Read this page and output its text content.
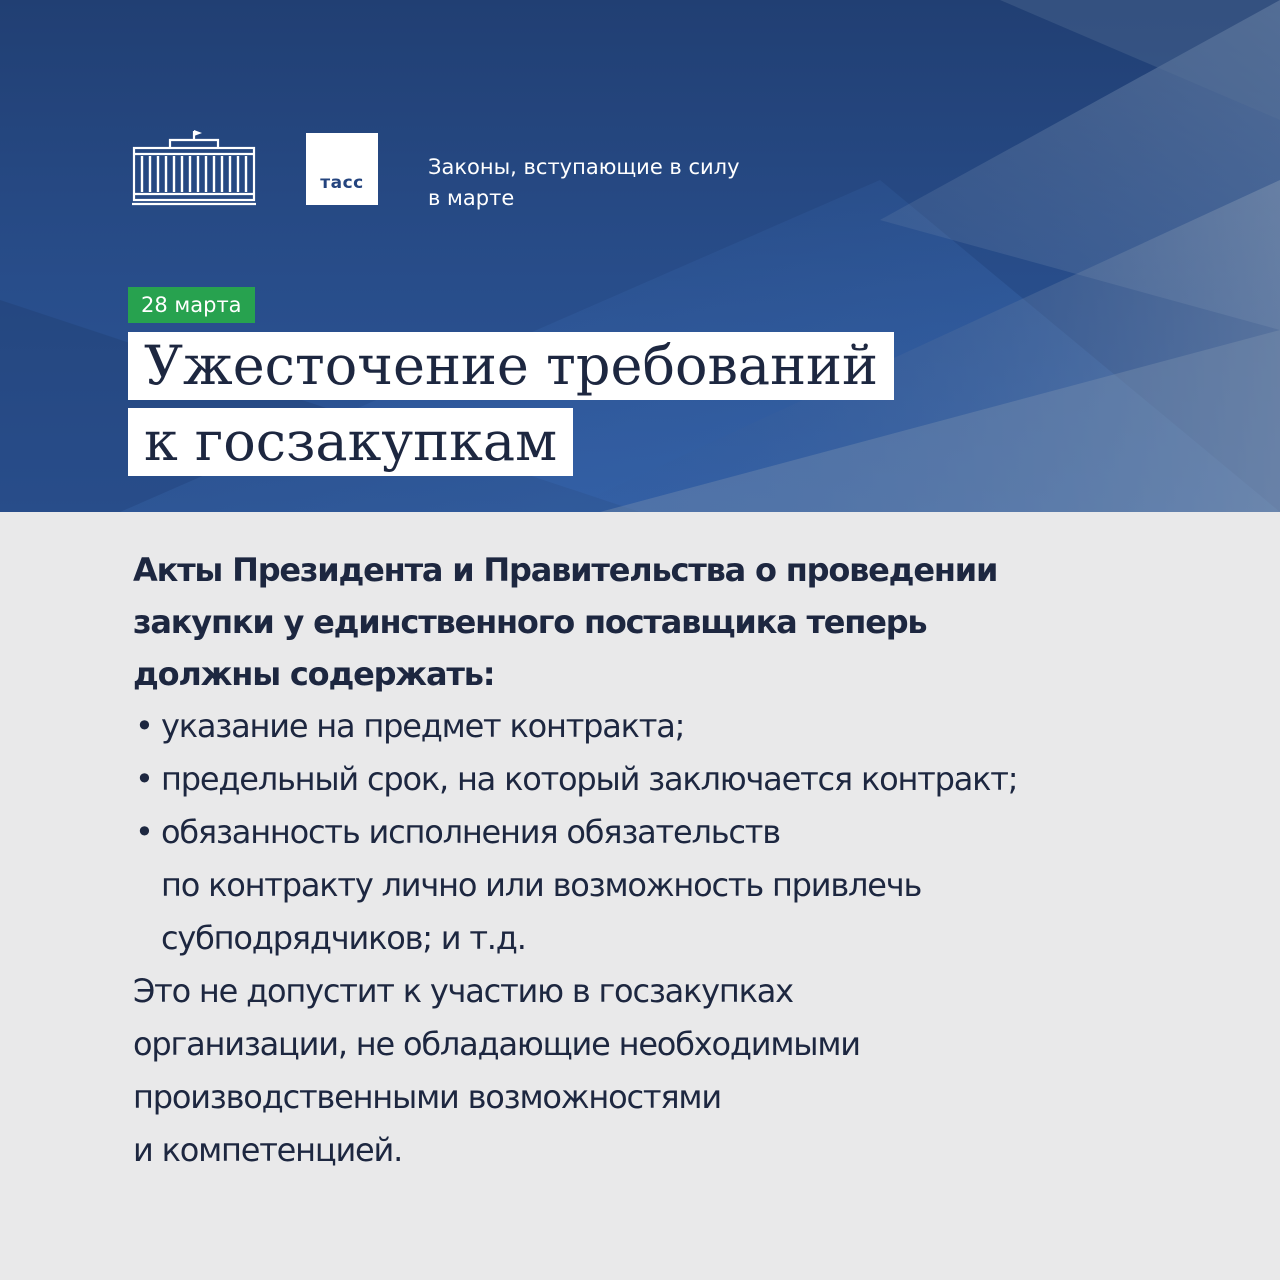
тасс
Законы, вступающие в силу
в марте
28 марта
Ужесточение требований
к госзакупкам

Акты Президента и Правительства о проведении
закупки у единственного поставщика теперь
должны содержать:

• указание на предмет контракта;
• предельный срок, на который заключается контракт;
• обязанность исполнения обязательств
по контракту лично или возможность привлечь
субподрядчиков; и т.д.

Это не допустит к участию в госзакупках
организации, не обладающие необходимыми
производственными возможностями
и компетенцией.
